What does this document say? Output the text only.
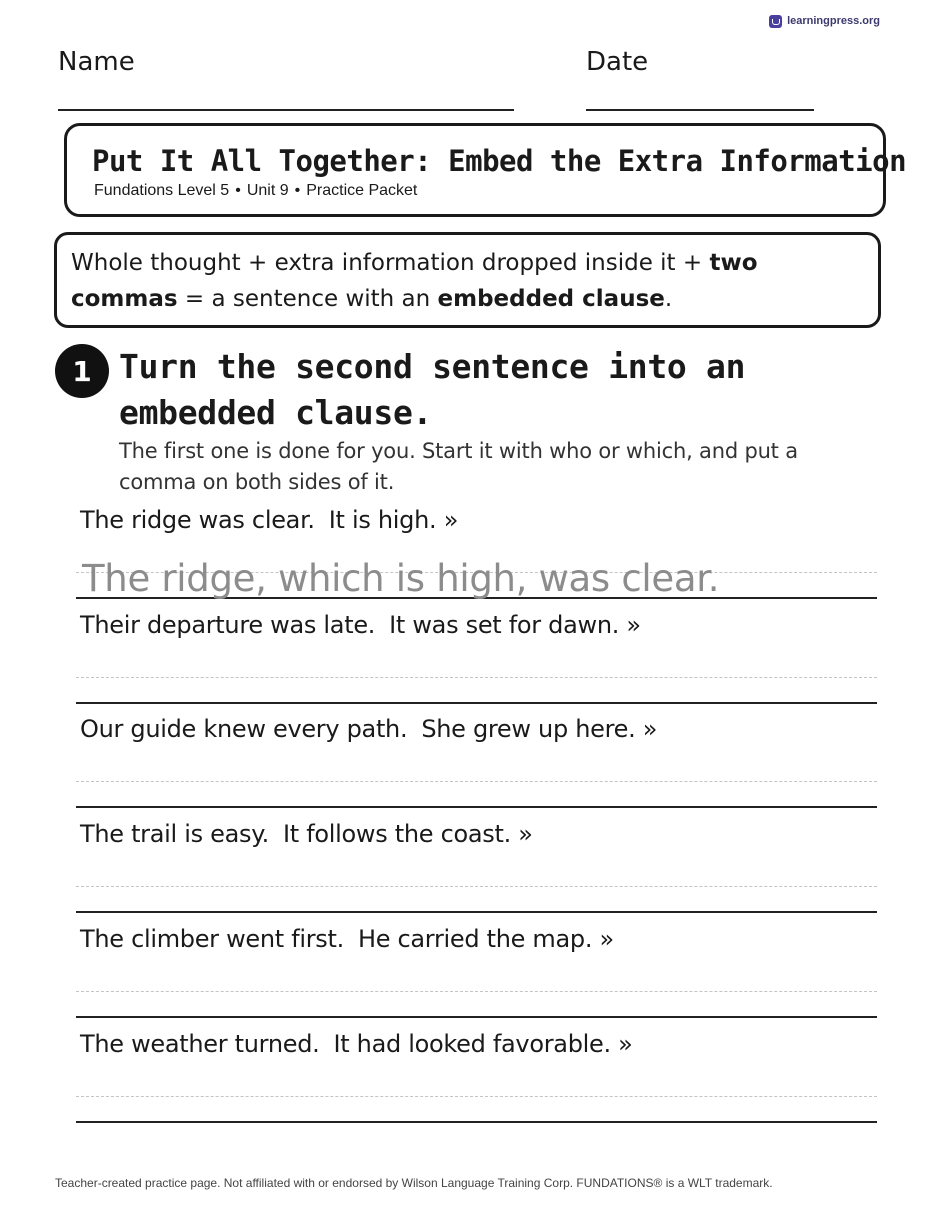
learningpress.org
Name	Date
Put It All Together: Embed the Extra Information
Fundations Level 5 • Unit 9 • Practice Packet
Whole thought + extra information dropped inside it + two commas = a sentence with an embedded clause.
1 Turn the second sentence into an embedded clause.
The first one is done for you. Start it with who or which, and put a comma on both sides of it.
The ridge was clear. It is high. »
The ridge, which is high, was clear.
Their departure was late. It was set for dawn. »
Our guide knew every path. She grew up here. »
The trail is easy. It follows the coast. »
The climber went first. He carried the map. »
The weather turned. It had looked favorable. »
Teacher-created practice page. Not affiliated with or endorsed by Wilson Language Training Corp. FUNDATIONS® is a WLT trademark.
